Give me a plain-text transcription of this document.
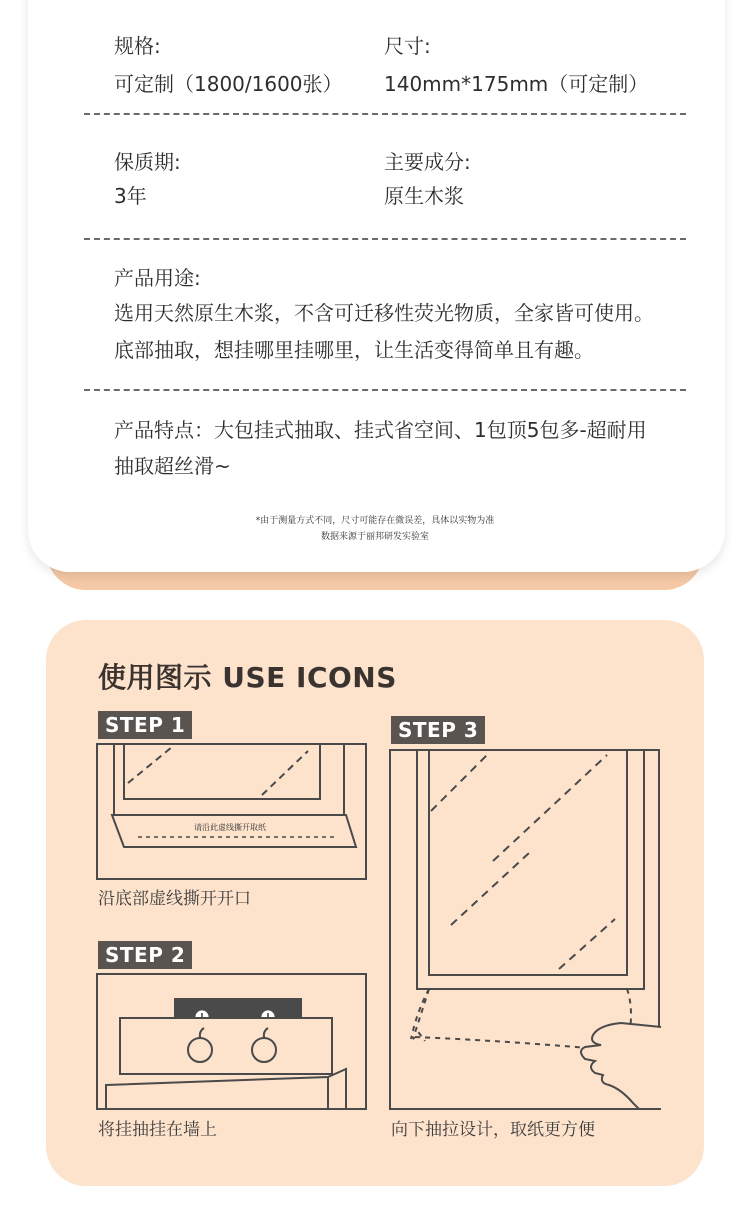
规格:	尺寸:
可定制（1800/1600张） 140mm*175mm（可定制）
保质期:	主要成分:
3年	原生木浆
产品用途:
选用天然原生木浆，不含可迁移性荧光物质，全家皆可使用。
底部抽取，想挂哪里挂哪里，让生活变得简单且有趣。
产品特点：大包挂式抽取、挂式省空间、1包顶5包多-超耐用
抽取超丝滑~
*由于测量方式不同，尺寸可能存在微误差，具体以实物为准
数据来源于丽邦研发实验室
使用图示 USE ICONS
STEP 1
请沿此虚线撕开取纸
沿底部虚线撕开开口
STEP 2
将挂抽挂在墙上
STEP 3
向下抽拉设计，取纸更方便
